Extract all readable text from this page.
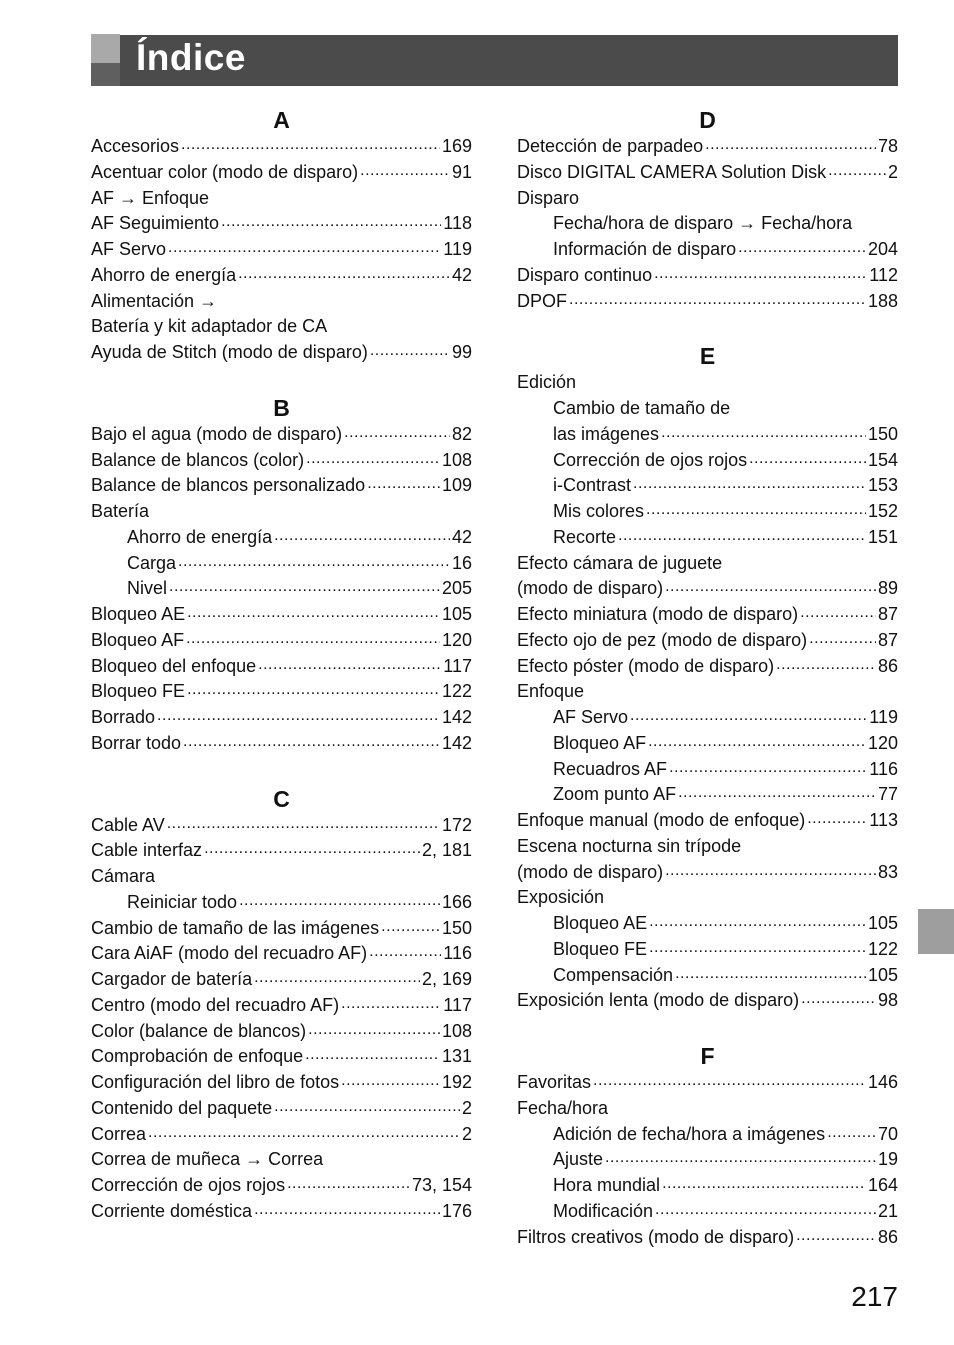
Índice
A
Accesorios .....	169
Acentuar color (modo de disparo) .....	91
AF → Enfoque
AF Seguimiento .....	118
AF Servo .....	119
Ahorro de energía .....	42
Alimentación →
Batería y kit adaptador de CA
Ayuda de Stitch (modo de disparo) .....	99
B
Bajo el agua (modo de disparo) .....	82
Balance de blancos (color) .....	108
Balance de blancos personalizado .....	109
Batería
Ahorro de energía .....	42
Carga .....	16
Nivel .....	205
Bloqueo AE .....	105
Bloqueo AF .....	120
Bloqueo del enfoque .....	117
Bloqueo FE .....	122
Borrado .....	142
Borrar todo .....	142
C
Cable AV .....	172
Cable interfaz .....	2, 181
Cámara
Reiniciar todo .....	166
Cambio de tamaño de las imágenes .....	150
Cara AiAF (modo del recuadro AF) .....	116
Cargador de batería .....	2, 169
Centro (modo del recuadro AF) .....	117
Color (balance de blancos) .....	108
Comprobación de enfoque .....	131
Configuración del libro de fotos .....	192
Contenido del paquete .....	2
Correa .....	2
Correa de muñeca → Correa
Corrección de ojos rojos .....	73, 154
Corriente doméstica .....	176
D
Detección de parpadeo .....	78
Disco DIGITAL CAMERA Solution Disk .....	2
Disparo
Fecha/hora de disparo → Fecha/hora
Información de disparo .....	204
Disparo continuo .....	112
DPOF .....	188
E
Edición
Cambio de tamaño de
las imágenes .....	150
Corrección de ojos rojos .....	154
i-Contrast .....	153
Mis colores .....	152
Recorte .....	151
Efecto cámara de juguete
(modo de disparo) .....	89
Efecto miniatura (modo de disparo) .....	87
Efecto ojo de pez (modo de disparo) .....	87
Efecto póster (modo de disparo) .....	86
Enfoque
AF Servo .....	119
Bloqueo AF .....	120
Recuadros AF .....	116
Zoom punto AF .....	77
Enfoque manual (modo de enfoque) .....	113
Escena nocturna sin trípode
(modo de disparo) .....	83
Exposición
Bloqueo AE .....	105
Bloqueo FE .....	122
Compensación .....	105
Exposición lenta (modo de disparo) .....	98
F
Favoritas .....	146
Fecha/hora
Adición de fecha/hora a imágenes .....	70
Ajuste .....	19
Hora mundial .....	164
Modificación .....	21
Filtros creativos (modo de disparo) .....	86
217
